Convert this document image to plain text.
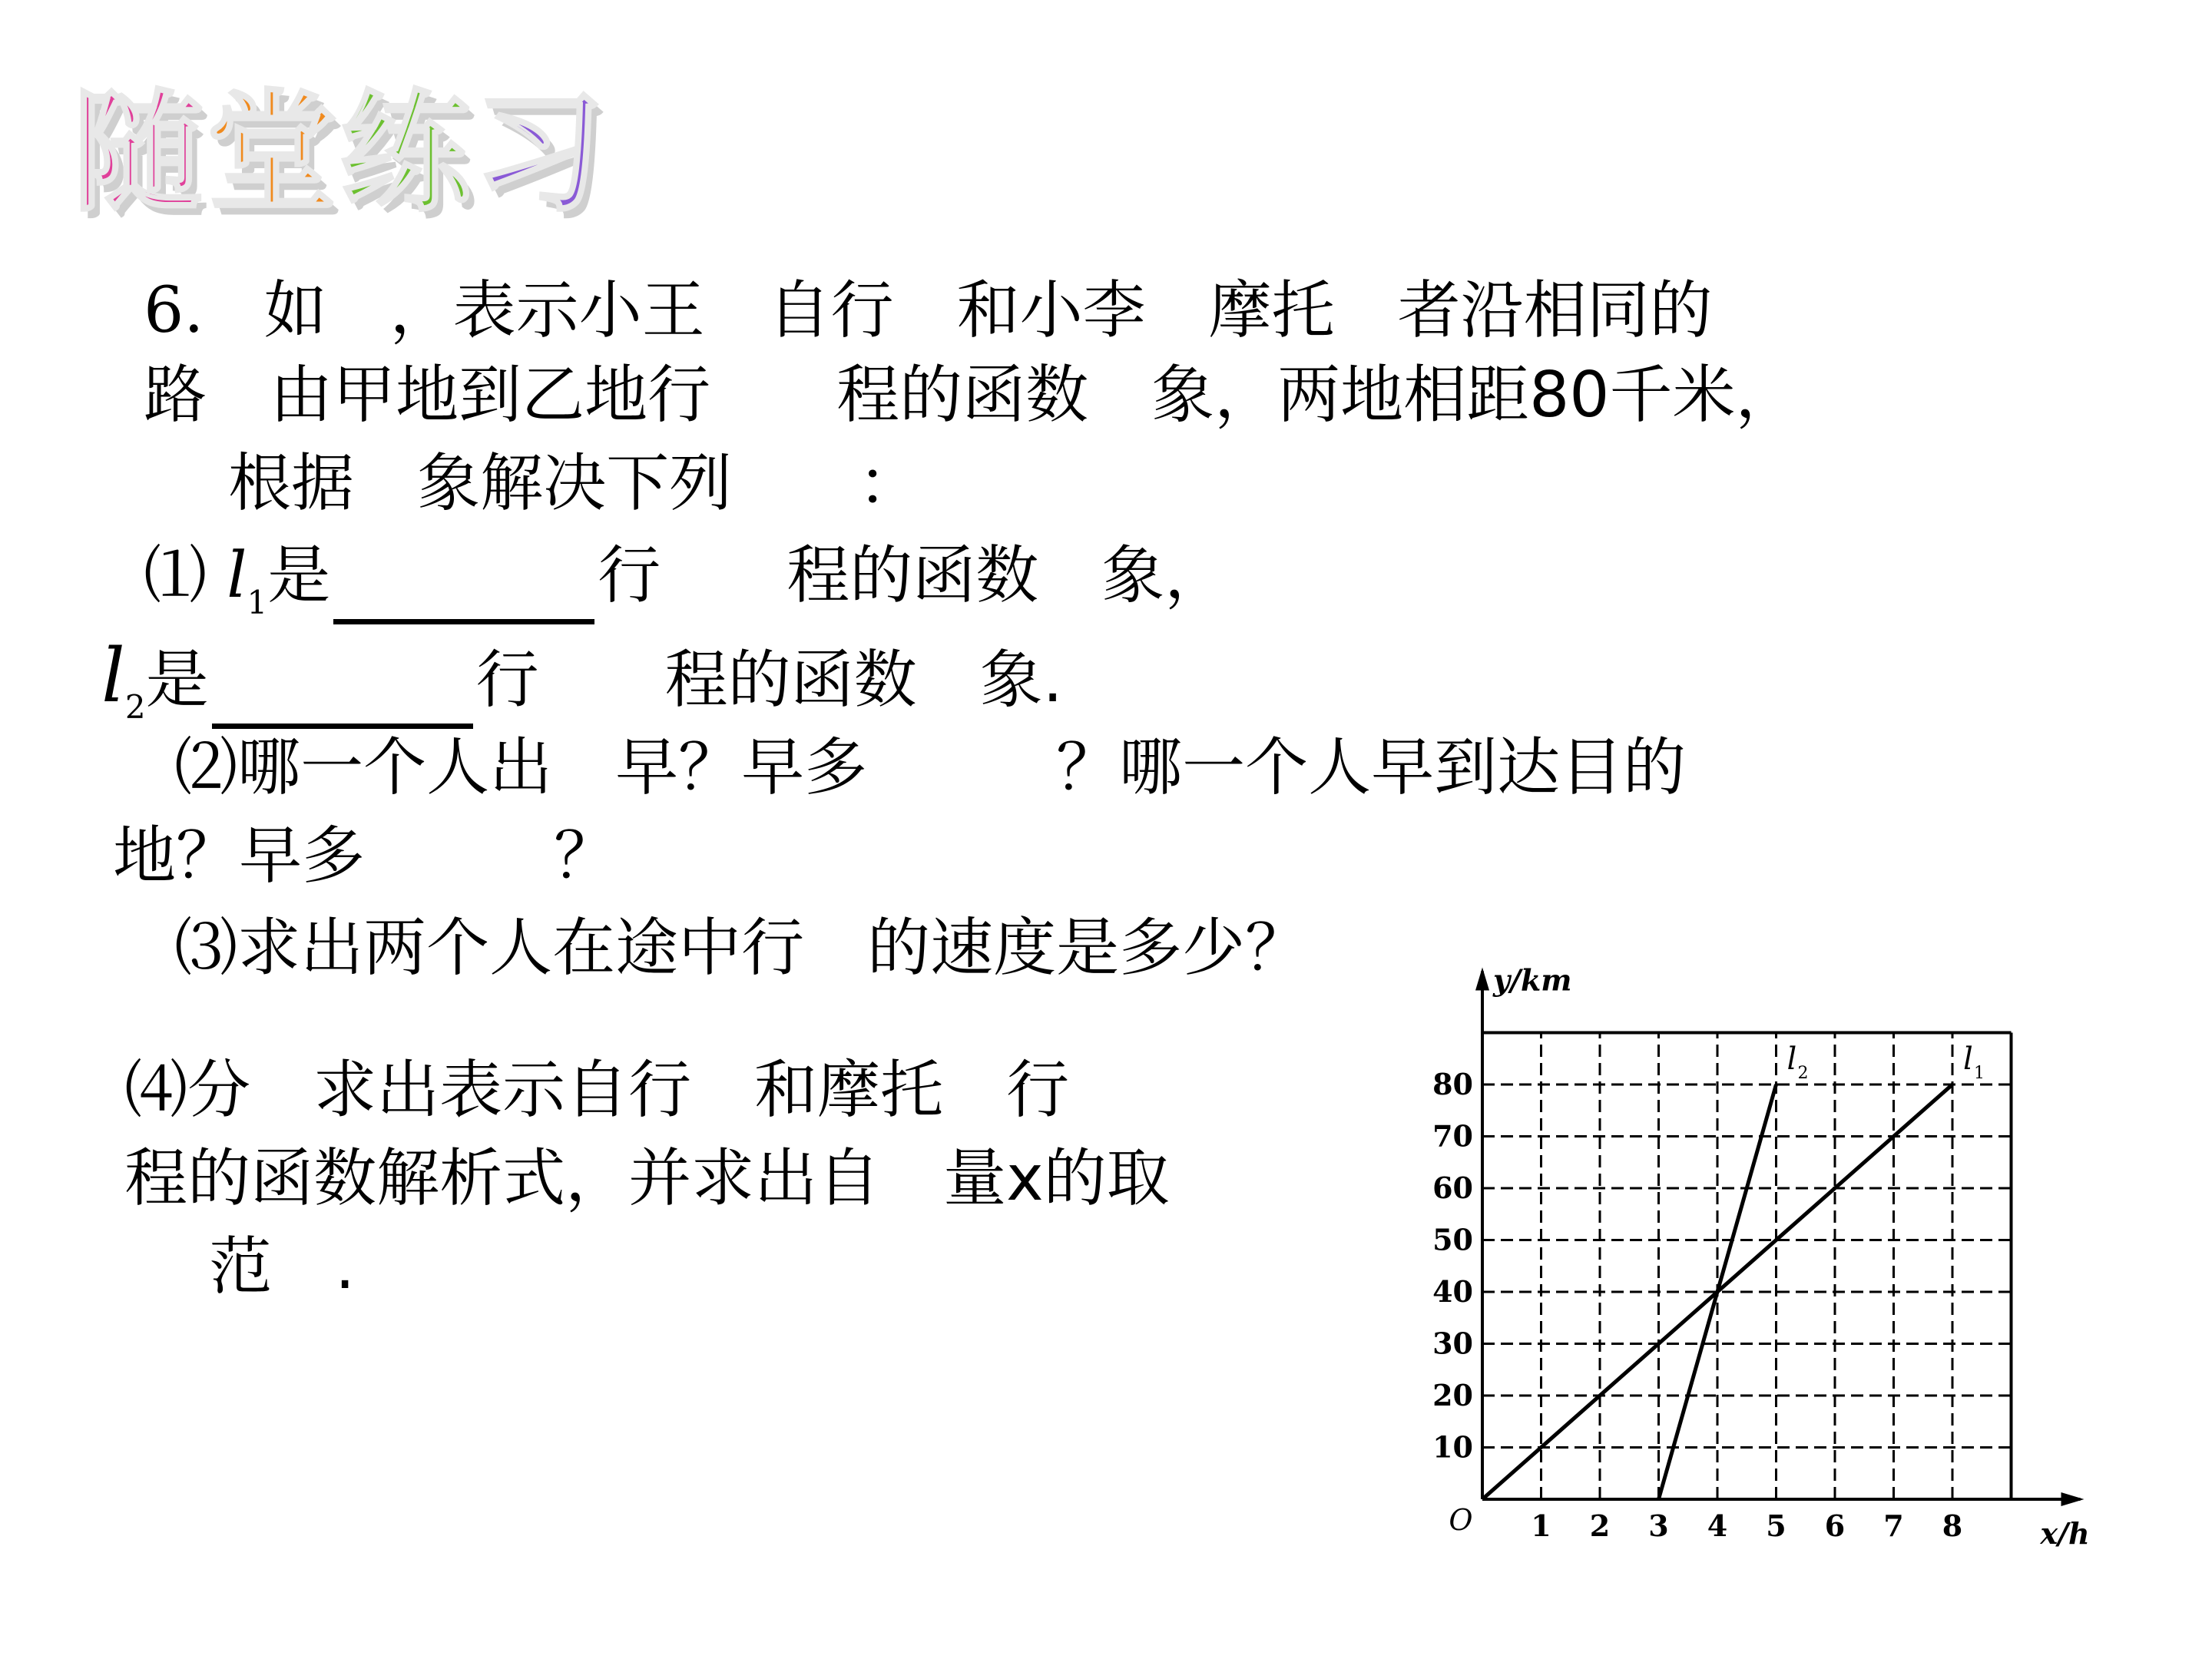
随 堂 练 习

6. 如　，表示小王　自行　和小李　摩托　者沿相同的

路　由甲地到乙地行　　程的函数　象，两地相距80千米，

根据　象解决下列　　：

⑴ $l_1$是	行　　程的函数　象，

$l_2$是	行　　程的函数　象.

⑵哪一个人出　早？早多　　　？哪一个人早到达目的

地？早多　　　？

⑶求出两个人在途中行　的速度是多少？

⑷分　求出表示自行　和摩托　行

程的函数解析式，并求出自　量x的取

范　.

1 2 3 4 5 6 7 8
10
20
30
40
50
60
70
80
O	x/h
y/km
l 1
l 2
